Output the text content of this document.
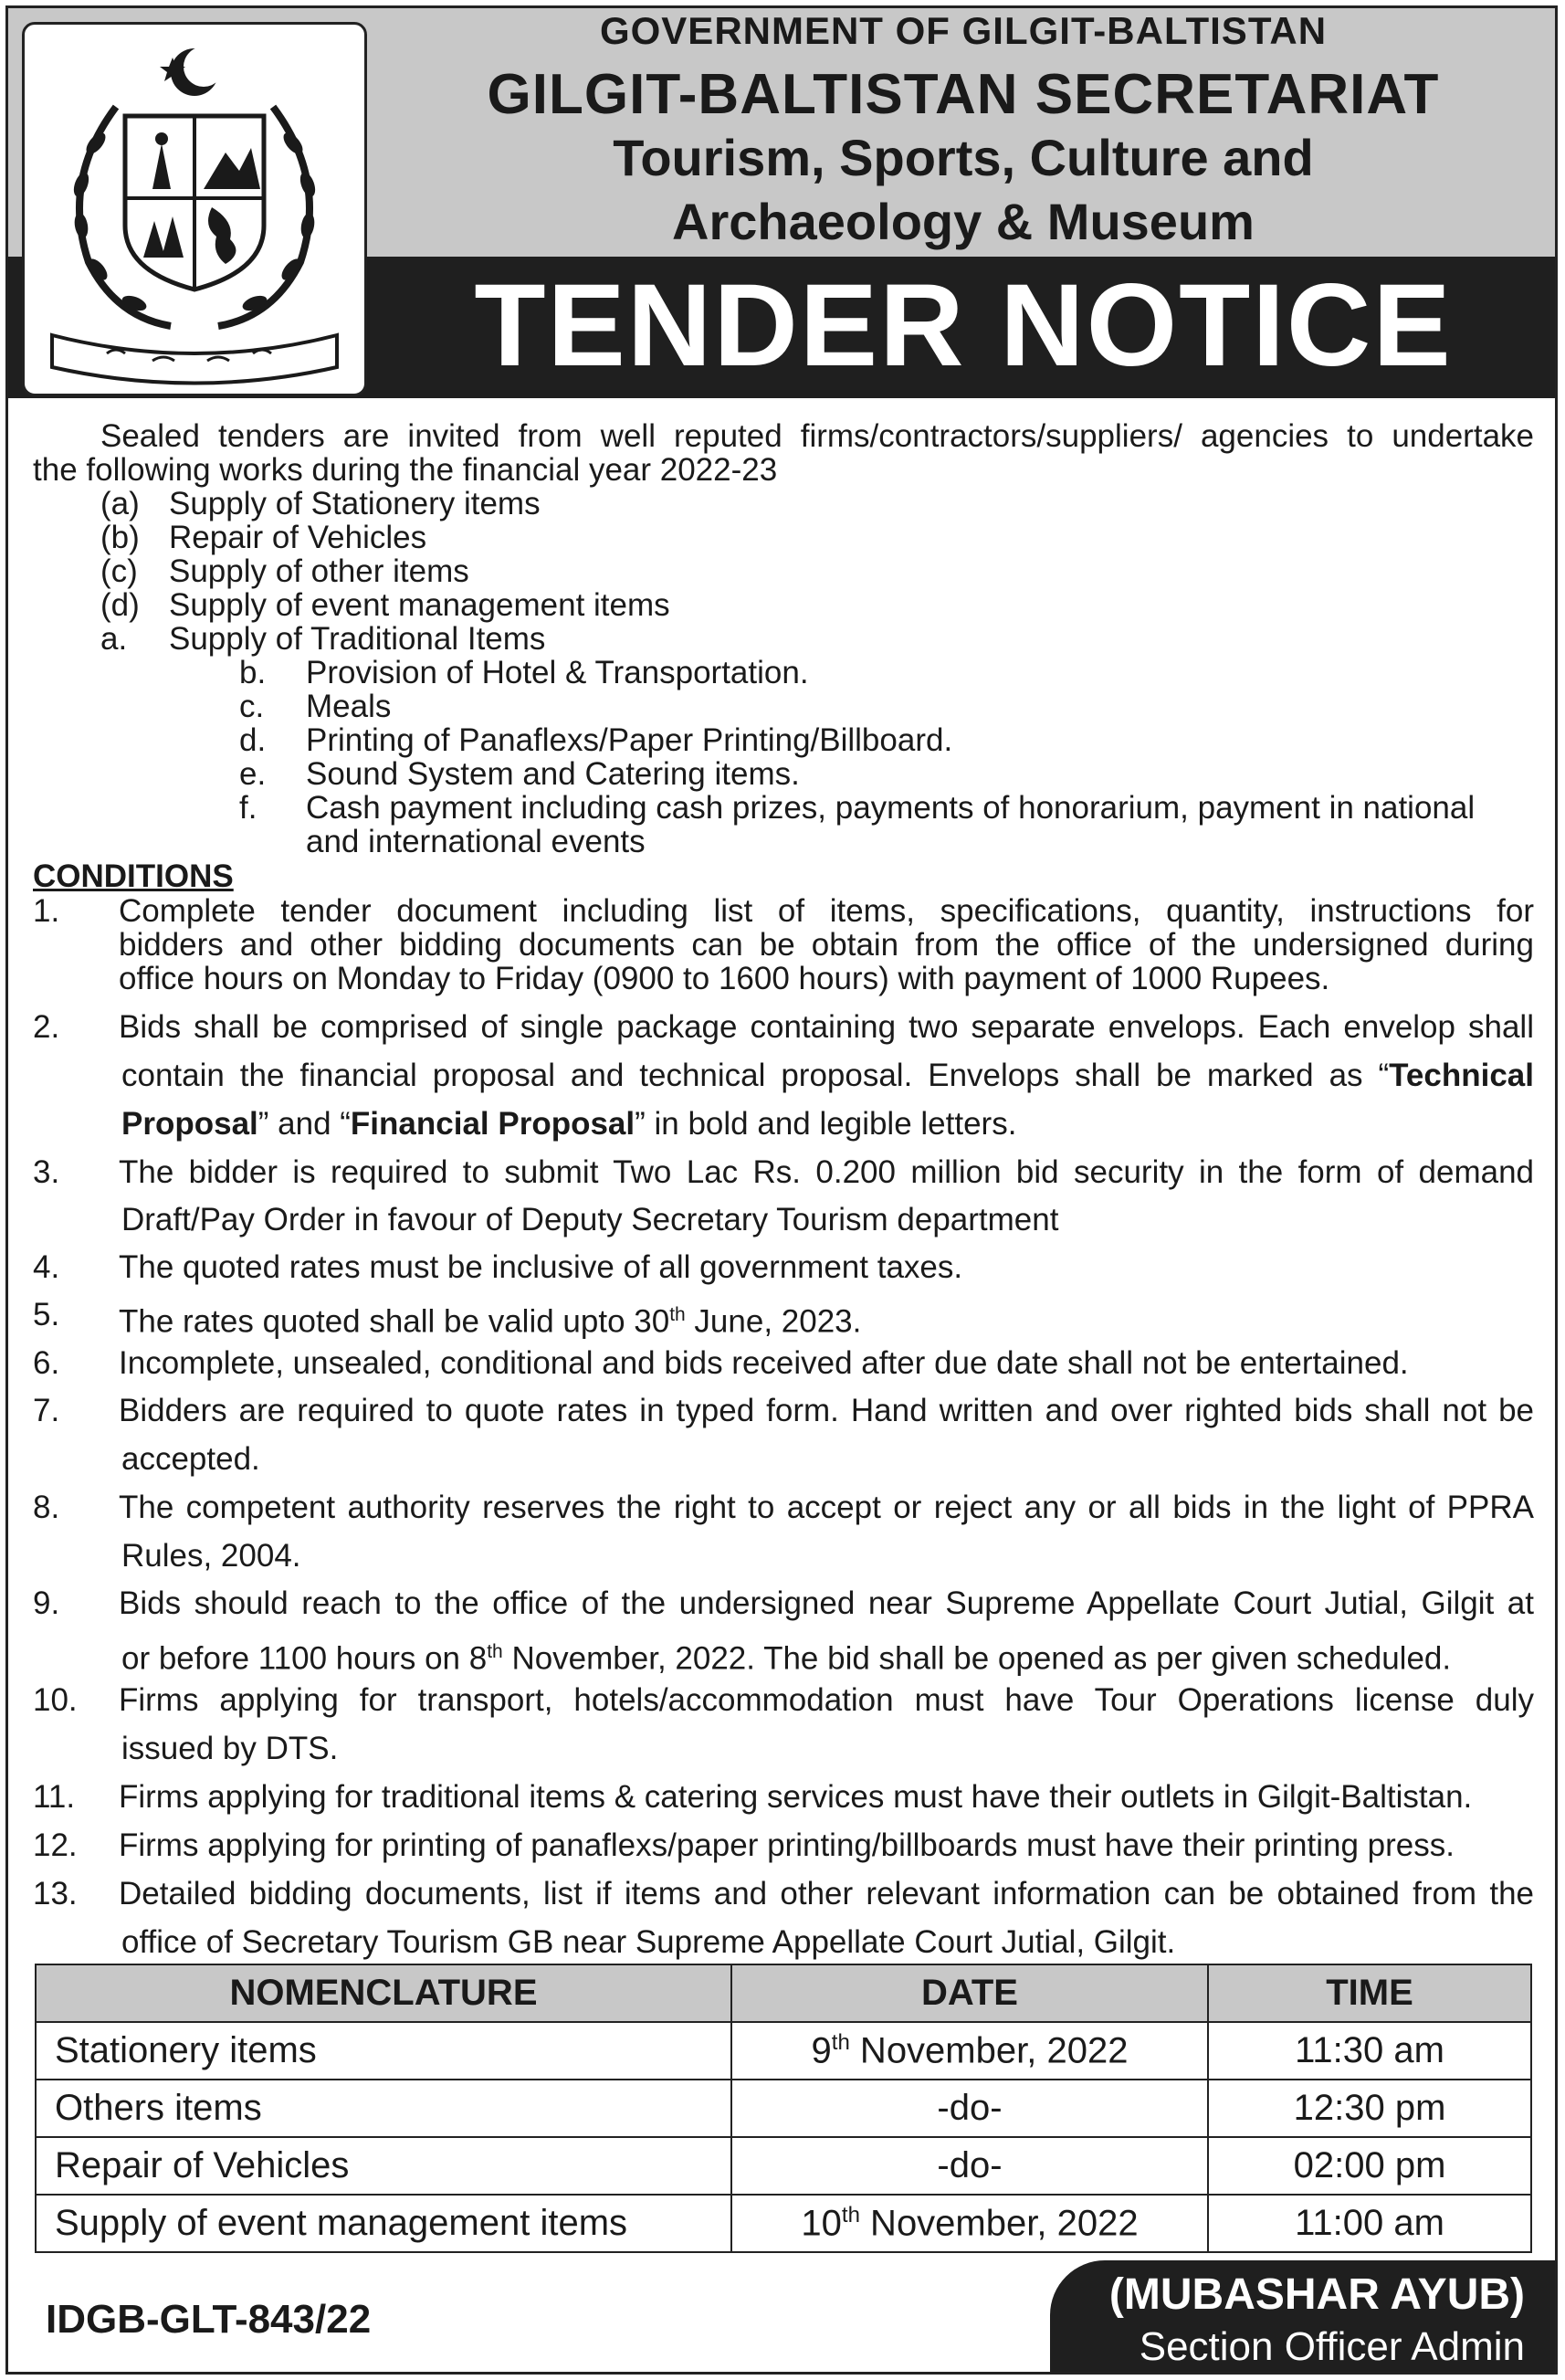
GOVERNMENT OF GILGIT-BALTISTAN
GILGIT-BALTISTAN SECRETARIAT
Tourism, Sports, Culture and
Archaeology & Museum
TENDER NOTICE
Sealed tenders are invited from well reputed firms/contractors/suppliers/ agencies to undertake
the following works during the financial year 2022-23
(a) Supply of Stationery items
(b) Repair of Vehicles
(c) Supply of other items
(d) Supply of event management items
a. Supply of Traditional Items
b. Provision of Hotel & Transportation.
c. Meals
d. Printing of Panaflexs/Paper Printing/Billboard.
e. Sound System and Catering items.
f. Cash payment including cash prizes, payments of honorarium, payment in national
and international events
CONDITIONS
1. Complete tender document including list of items, specifications, quantity, instructions for
bidders and other bidding documents can be obtain from the office of the undersigned during
office hours on Monday to Friday (0900 to 1600 hours) with payment of 1000 Rupees.
2. Bids shall be comprised of single package containing two separate envelops. Each envelop shall
contain the financial proposal and technical proposal. Envelops shall be marked as “Technical
Proposal” and “Financial Proposal” in bold and legible letters.
3. The bidder is required to submit Two Lac Rs. 0.200 million bid security in the form of demand
Draft/Pay Order in favour of Deputy Secretary Tourism department
4. The quoted rates must be inclusive of all government taxes.
5. The rates quoted shall be valid upto 30th June, 2023.
6. Incomplete, unsealed, conditional and bids received after due date shall not be entertained.
7. Bidders are required to quote rates in typed form. Hand written and over righted bids shall not be
accepted.
8. The competent authority reserves the right to accept or reject any or all bids in the light of PPRA
Rules, 2004.
9. Bids should reach to the office of the undersigned near Supreme Appellate Court Jutial, Gilgit at
or before 1100 hours on 8th November, 2022. The bid shall be opened as per given scheduled.
10. Firms applying for transport, hotels/accommodation must have Tour Operations license duly
issued by DTS.
11. Firms applying for traditional items & catering services must have their outlets in Gilgit-Baltistan.
12. Firms applying for printing of panaflexs/paper printing/billboards must have their printing press.
13. Detailed bidding documents, list if items and other relevant information can be obtained from the
office of Secretary Tourism GB near Supreme Appellate Court Jutial, Gilgit.
NOMENCLATURE	DATE	TIME
Stationery items	9th November, 2022	11:30 am
Others items	-do-	12:30 pm
Repair of Vehicles	-do-	02:00 pm
Supply of event management items	10th November, 2022	11:00 am
IDGB-GLT-843/22
(MUBASHAR AYUB)
Section Officer Admin
